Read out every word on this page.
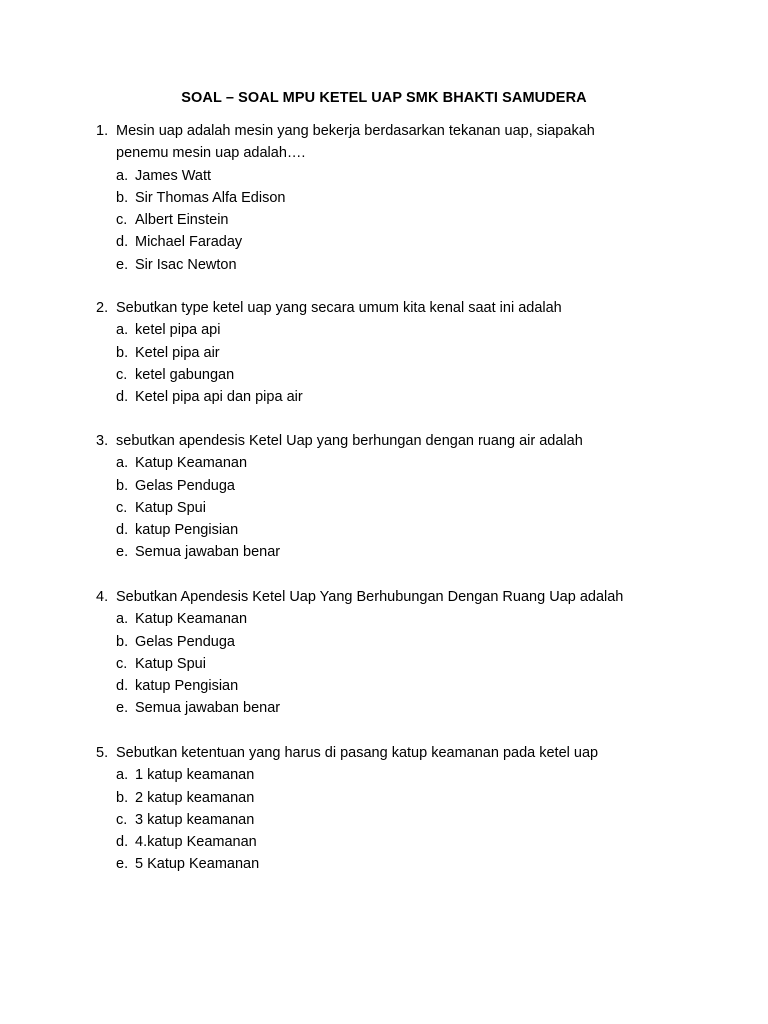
SOAL – SOAL MPU KETEL UAP SMK BHAKTI SAMUDERA
1. Mesin uap adalah mesin yang bekerja berdasarkan tekanan uap, siapakah
penemu mesin uap adalah….
a. James Watt
b. Sir Thomas Alfa Edison
c. Albert Einstein
d. Michael Faraday
e. Sir Isac Newton
2. Sebutkan type ketel uap yang secara umum kita kenal saat ini adalah
a. ketel pipa api
b. Ketel pipa air
c. ketel gabungan
d. Ketel pipa api dan pipa air
3. sebutkan apendesis Ketel Uap yang berhungan dengan ruang air adalah
a. Katup Keamanan
b. Gelas Penduga
c. Katup Spui
d. katup Pengisian
e. Semua jawaban benar
4. Sebutkan Apendesis Ketel Uap Yang Berhubungan Dengan Ruang Uap adalah
a. Katup Keamanan
b. Gelas Penduga
c. Katup Spui
d. katup Pengisian
e. Semua jawaban benar
5. Sebutkan ketentuan yang harus di pasang katup keamanan pada ketel uap
a. 1 katup keamanan
b. 2 katup keamanan
c. 3 katup keamanan
d. 4.katup Keamanan
e. 5 Katup Keamanan
